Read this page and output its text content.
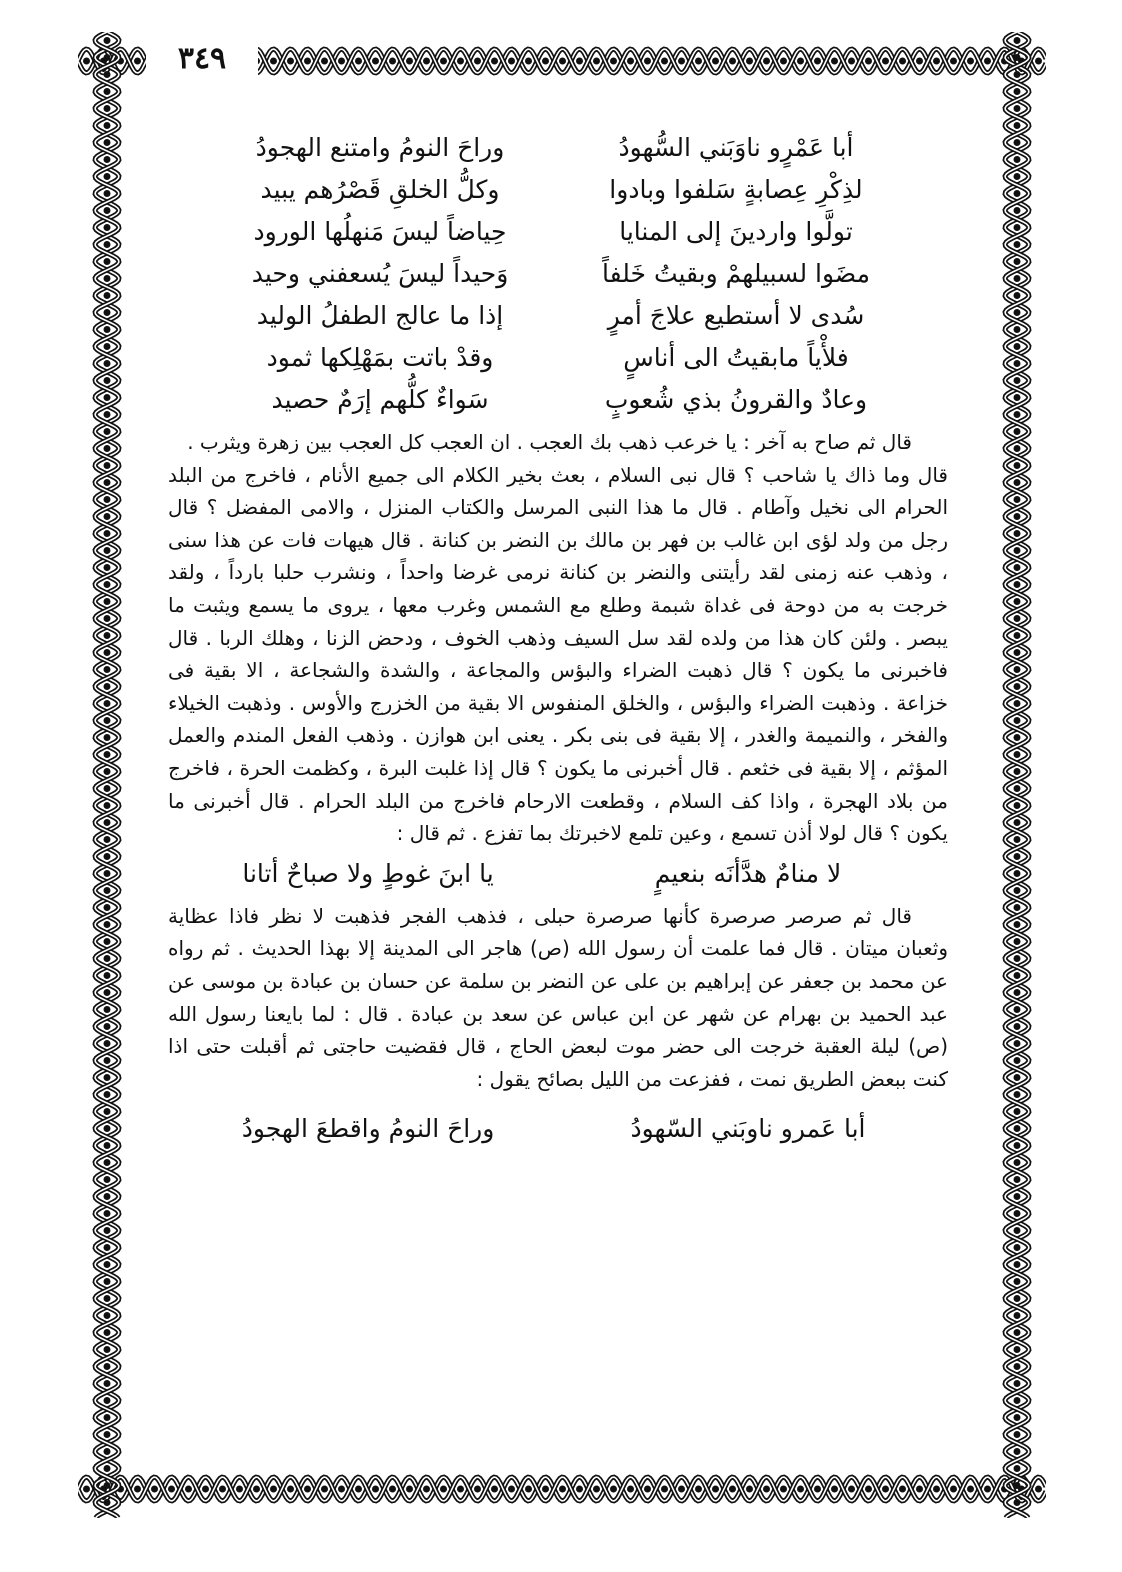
٣٤٩
أبا عَمْرٍو ناوَبَني السُّهودُ
وراحَ النومُ وامتنع الهجودُ
لذِكْرِ عِصابةٍ سَلفوا وبادوا
وكلُّ الخلقِ قَصْرُهم يبيد
تولَّوا واردينَ إلى المنايا
حِياضاً ليسَ مَنهلُها الورود
مضَوا لسبيلهمْ وبقيتُ خَلفاً
وَحيداً ليسَ يُسعفني وحيد
سُدى لا أستطيع علاجَ أمرٍ
إذا ما عالج الطفلُ الوليد
فلأْياً مابقيتُ الى أناسٍ
وقدْ باتت بمَهْلِكها ثمود
وعادٌ والقرونُ بذي شُعوبٍ
سَواءٌ كلُّهم إرَمٌ حصيد

قال ثم صاح به آخر : يا خرعب ذهب بك العجب . ان العجب كل العجب بين زهرة ويثرب .

قال وما ذاك يا شاحب ؟ قال نبى السلام ، بعث بخير الكلام الى جميع الأنام ، فاخرج من البلد الحرام الى نخيل وآطام . قال ما هذا النبى المرسل والكتاب المنزل ، والامى المفضل ؟ قال رجل من ولد لؤى ابن غالب بن فهر بن مالك بن النضر بن كنانة . قال هيهات فات عن هذا سنى ، وذهب عنه زمنى لقد رأيتنى والنضر بن كنانة نرمى غرضا واحداً ، ونشرب حلبا بارداً ، ولقد خرجت به من دوحة فى غداة شبمة وطلع مع الشمس وغرب معها ، يروى ما يسمع ويثبت ما يبصر . ولئن كان هذا من ولده لقد سل السيف وذهب الخوف ، ودحض الزنا ، وهلك الربا . قال فاخبرنى ما يكون ؟ قال ذهبت الضراء والبؤس والمجاعة ، والشدة والشجاعة ، الا بقية فى خزاعة . وذهبت الضراء والبؤس ، والخلق المنفوس الا بقية من الخزرج والأوس . وذهبت الخيلاء والفخر ، والنميمة والغدر ، إلا بقية فى بنى بكر . يعنى ابن هوازن . وذهب الفعل المندم والعمل المؤثم ، إلا بقية فى خثعم . قال أخبرنى ما يكون ؟ قال إذا غلبت البرة ، وكظمت الحرة ، فاخرج من بلاد الهجرة ، واذا كف السلام ، وقطعت الارحام فاخرج من البلد الحرام . قال أخبرنى ما يكون ؟ قال لولا أذن تسمع ، وعين تلمع لاخبرتك بما تفزع . ثم قال :

لا منامٌ هدَّأنَه بنعيمٍ
يا ابنَ غوطٍ ولا صباحٌ أتانا

قال ثم صرصر صرصرة كأنها صرصرة حبلى ، فذهب الفجر فذهبت لا نظر فاذا عظاية وثعبان ميتان . قال فما علمت أن رسول الله (ص) هاجر الى المدينة إلا بهذا الحديث . ثم رواه عن محمد بن جعفر عن إبراهيم بن على عن النضر بن سلمة عن حسان بن عبادة بن موسى عن عبد الحميد بن بهرام عن شهر عن ابن عباس عن سعد بن عبادة . قال : لما بايعنا رسول الله (ص) ليلة العقبة خرجت الى حضر موت لبعض الحاج ، قال فقضيت حاجتى ثم أقبلت حتى اذا كنت ببعض الطريق نمت ، ففزعت من الليل بصائح يقول :

أبا عَمرو ناوبَني السّهودُ
وراحَ النومُ واقطعَ الهجودُ
